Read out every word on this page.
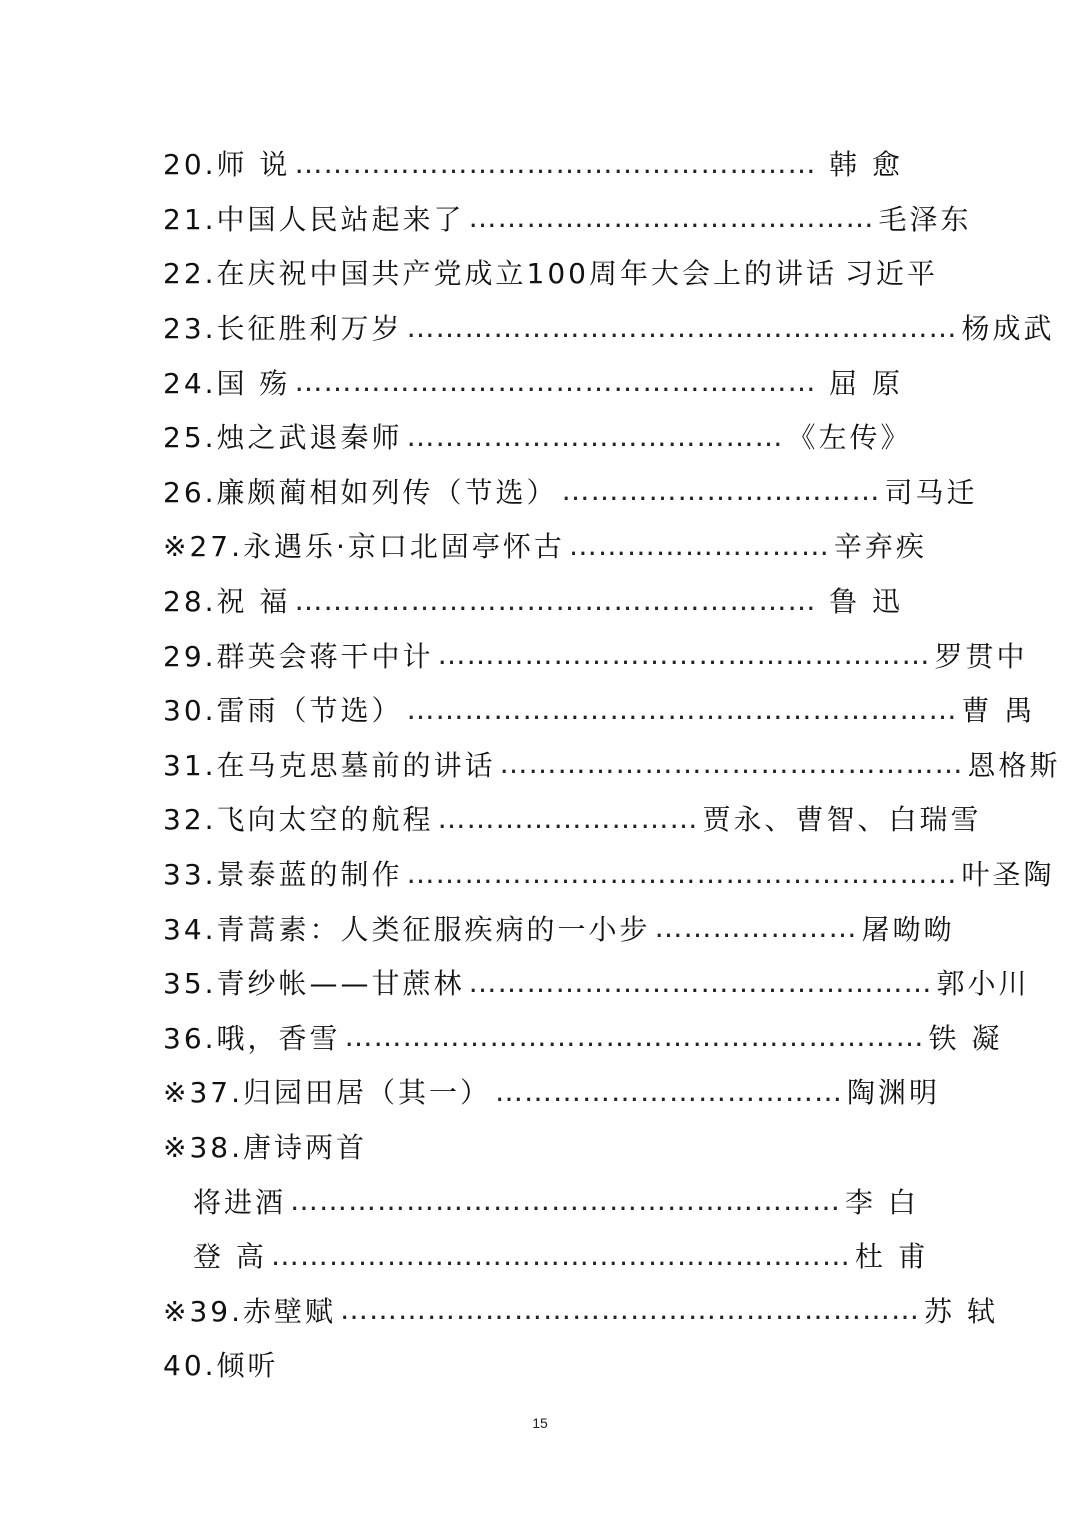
20.师 说 ……………………………………………… 韩 愈
21.中国人民站起来了 …………………………………… 毛泽东
22.在庆祝中国共产党成立100周年大会上的讲话 习近平
23.长征胜利万岁 ………………………………………………… 杨成武
24.国 殇 ……………………………………………… 屈 原
25.烛之武退秦师 ………………………………… 《左传》
26.廉颇蔺相如列传（节选） …………………………… 司马迁
※27.永遇乐·京口北固亭怀古 ……………………… 辛弃疾
28.祝 福 ……………………………………………… 鲁 迅
29.群英会蒋干中计 …………………………………………… 罗贯中
30.雷雨（节选） ………………………………………………… 曹 禺
31.在马克思墓前的讲话 ………………………………………… 恩格斯
32.飞向太空的航程 ……………………… 贾永、曹智、白瑞雪
33.景泰蓝的制作 ………………………………………………… 叶圣陶
34.青蒿素：人类征服疾病的一小步 ………………… 屠呦呦
35.青纱帐——甘蔗林 ………………………………………… 郭小川
36.哦，香雪 …………………………………………………… 铁 凝
※37.归园田居（其一） ……………………………… 陶渊明
※38.唐诗两首
将进酒 ………………………………………………… 李 白
登 高 …………………………………………………… 杜 甫
※39.赤壁赋 …………………………………………………… 苏 轼
40.倾听
15
